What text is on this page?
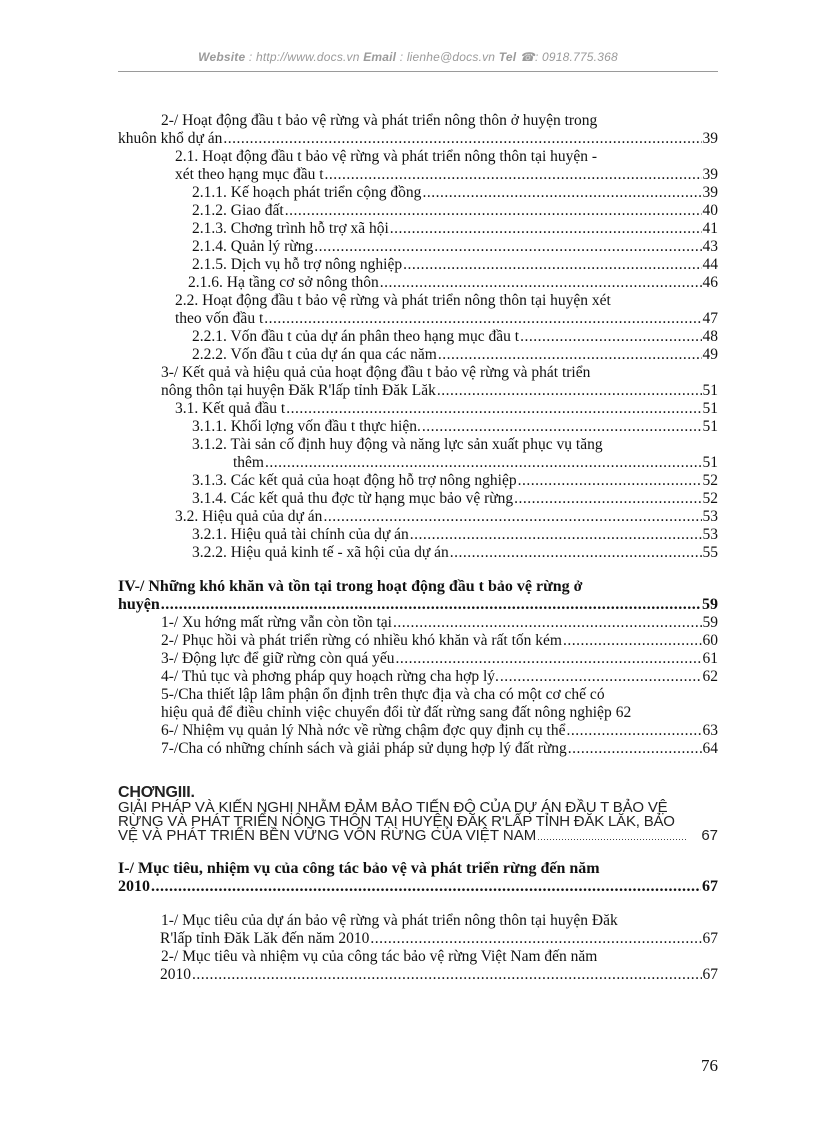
Website : http://www.docs.vn Email : lienhe@docs.vn Tel ☎: 0918.775.368
2-/ Hoạt động đầu t bảo vệ rừng và phát triển nông thôn ở huyện trong
khuôn khổ dự án .....	39
2.1. Hoạt động đầu t bảo vệ rừng và phát triển nông thôn tại huyện -
xét theo hạng mục đầu t .....	39
2.1.1. Kế hoạch phát triển cộng đồng .....	39
2.1.2. Giao đất .....	40
2.1.3. Chơng trình hỗ trợ xã hội .....	41
2.1.4. Quản lý rừng .....	43
2.1.5. Dịch vụ hỗ trợ nông nghiệp .....	44
2.1.6. Hạ tầng cơ sở nông thôn .....	46
2.2. Hoạt động đầu t bảo vệ rừng và phát triển nông thôn tại huyện xét
theo vốn đầu t .....	47
2.2.1. Vốn đầu t của dự án phân theo hạng mục đầu t .....	48
2.2.2. Vốn đầu t của dự án qua các năm .....	49
3-/ Kết quả và hiệu quả của hoạt động đầu t bảo vệ rừng và phát triển
nông thôn tại huyện Đăk R'lấp tỉnh Đăk Lăk .....	51
3.1. Kết quả đầu t .....	51
3.1.1. Khối lợng vốn đầu t thực hiện. .....	51
3.1.2. Tài sản cố định huy động và năng lực sản xuất phục vụ tăng
thêm .....	51
3.1.3. Các kết quả của hoạt động hỗ trợ nông nghiệp .....	52
3.1.4. Các kết quả thu đợc từ hạng mục bảo vệ rừng .....	52
3.2. Hiệu quả của dự án .....	53
3.2.1. Hiệu quả tài chính của dự án .....	53
3.2.2. Hiệu quả kinh tế - xã hội của dự án .....	55
IV-/ Những khó khăn và tồn tại trong hoạt động đầu t bảo vệ rừng ở
huyện .....	59
1-/ Xu hớng mất rừng vẫn còn tồn tại .....	59
2-/ Phục hồi và phát triển rừng có nhiều khó khăn và rất tốn kém .....	60
3-/ Động lực để giữ rừng còn quá yếu .....	61
4-/ Thủ tục và phơng pháp quy hoạch rừng cha hợp lý. .....	62
5-/Cha thiết lập lâm phận ổn định trên thực địa và cha có một cơ chế có
hiệu quả để điều chỉnh việc chuyển đổi từ đất rừng sang đất nông nghiệp 62
6-/ Nhiệm vụ quản lý Nhà nớc về rừng chậm đợc quy định cụ thể .....	63
7-/Cha có những chính sách và giải pháp sử dụng hợp lý đất rừng .....	64
CHƠNGIII.
GIẢI PHÁP VÀ KIẾN NGHỊ NHẰM ĐẢM BẢO TIẾN ĐỘ CỦA DỰ ÁN ĐẦU T BẢO VỆ
RỪNG VÀ PHÁT TRIỂN NÔNG THÔN TẠI HUYỆN ĐĂK R'LẤP TỈNH ĐĂK LĂK, BẢO
VỆ VÀ PHÁT TRIỂN BỀN VỮNG VỐN RỪNG CỦA VIỆT NAM .....	67
I-/ Mục tiêu, nhiệm vụ của công tác bảo vệ và phát triển rừng đến năm
2010 .....	67
1-/ Mục tiêu của dự án bảo vệ rừng và phát triển nông thôn tại huyện Đăk
R'lấp tỉnh Đăk Lăk đến năm 2010 .....	67
2-/ Mục tiêu và nhiệm vụ của công tác bảo vệ rừng Việt Nam đến năm
2010 .....	67
76
